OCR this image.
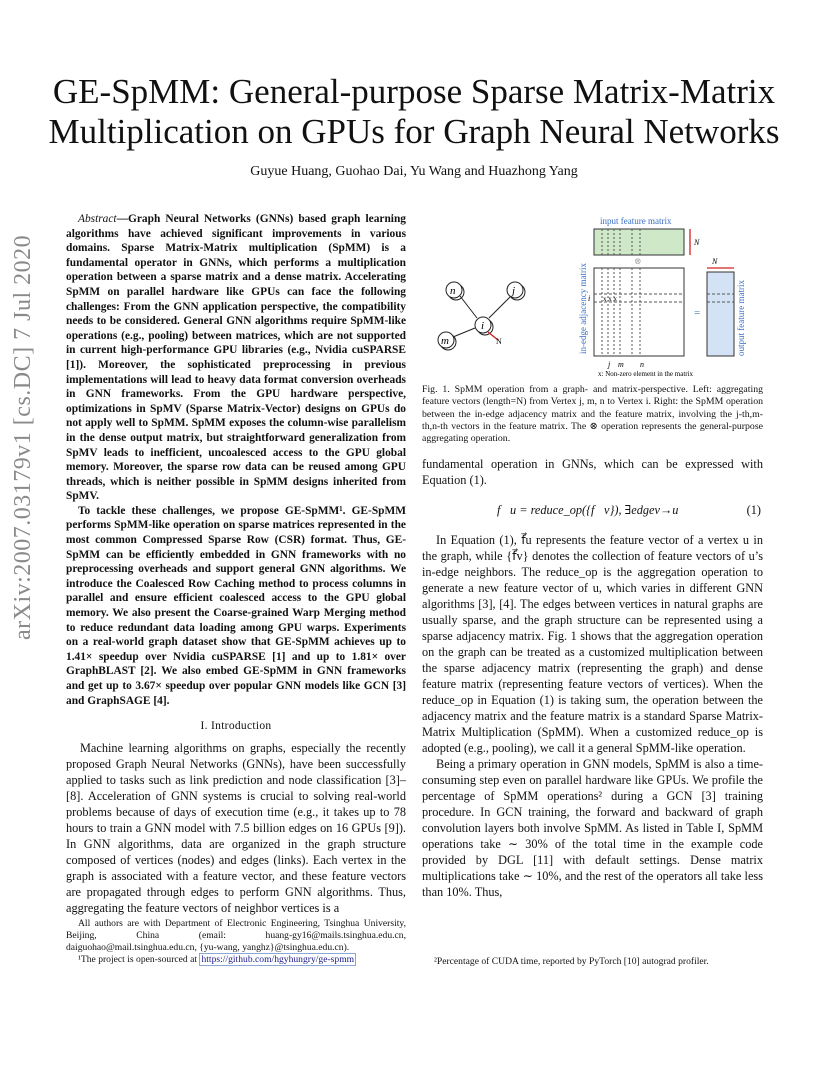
GE-SpMM: General-purpose Sparse Matrix-Matrix
Multiplication on GPUs for Graph Neural Networks
Guyue Huang, Guohao Dai, Yu Wang and Huazhong Yang
arXiv:2007.03179v1 [cs.DC] 7 Jul 2020

Abstract—Graph Neural Networks (GNNs) based graph learning algorithms have achieved significant improvements in various domains. Sparse Matrix-Matrix multiplication (SpMM) is a fundamental operator in GNNs, which performs a multiplication operation between a sparse matrix and a dense matrix. Accelerating SpMM on parallel hardware like GPUs can face the following challenges: From the GNN application perspective, the compatibility needs to be considered. General GNN algorithms require SpMM-like operations (e.g., pooling) between matrices, which are not supported in current high-performance GPU libraries (e.g., Nvidia cuSPARSE [1]). Moreover, the sophisticated preprocessing in previous implementations will lead to heavy data format conversion overheads in GNN frameworks. From the GPU hardware perspective, optimizations in SpMV (Sparse Matrix-Vector) designs on GPUs do not apply well to SpMM. SpMM exposes the column-wise parallelism in the dense output matrix, but straightforward generalization from SpMV leads to inefficient, uncoalesced access to the GPU global memory. Moreover, the sparse row data can be reused among GPU threads, which is neither possible in SpMM designs inherited from SpMV.

To tackle these challenges, we propose GE-SpMM¹. GE-SpMM performs SpMM-like operation on sparse matrices represented in the most common Compressed Sparse Row (CSR) format. Thus, GE-SpMM can be efficiently embedded in GNN frameworks with no preprocessing overheads and support general GNN algorithms. We introduce the Coalesced Row Caching method to process columns in parallel and ensure efficient coalesced access to the GPU global memory. We also present the Coarse-grained Warp Merging method to reduce redundant data loading among GPU warps. Experiments on a real-world graph dataset show that GE-SpMM achieves up to 1.41× speedup over Nvidia cuSPARSE [1] and up to 1.81× over GraphBLAST [2]. We also embed GE-SpMM in GNN frameworks and get up to 3.67× speedup over popular GNN models like GCN [3] and GraphSAGE [4].

I. Introduction

Machine learning algorithms on graphs, especially the recently proposed Graph Neural Networks (GNNs), have been successfully applied to tasks such as link prediction and node classification [3]–[8]. Acceleration of GNN systems is crucial to solving real-world problems because of days of execution time (e.g., it takes up to 78 hours to train a GNN model with 7.5 billion edges on 16 GPUs [9]). In GNN algorithms, data are organized in the graph structure composed of vertices (nodes) and edges (links). Each vertex in the graph is associated with a feature vector, and these feature vectors are propagated through edges to perform GNN algorithms. Thus, aggregating the feature vectors of neighbor vertices is a

All authors are with Department of Electronic Engineering, Tsinghua University, Beijing, China (email: huang-gy16@mails.tsinghua.edu.cn, daiguohao@mail.tsinghua.edu.cn, {yu-wang, yanghz}@tsinghua.edu.cn).

¹The project is open-sourced at https://github.com/hgyhungry/ge-spmm

n	j
i
m	N
input feature matrix
N
⊗
in-edge adjacency matrix i x x x
j m n
x: Non-zero element in the matrix
=
N
output feature matrix
Fig. 1. SpMM operation from a graph- and matrix-perspective. Left: aggregating feature vectors (length=N) from Vertex j, m, n to Vertex i. Right: the SpMM operation between the in-edge adjacency matrix and the feature matrix, involving the j-th,m-th,n-th vectors in the feature matrix. The ⊗ operation represents the general-purpose aggregating operation.

fundamental operation in GNNs, which can be expressed with Equation (1).

f⃗u = reduce_op({f⃗v}), ∃edgev→u	(1)

In Equation (1), f⃗u represents the feature vector of a vertex u in the graph, while {f⃗v} denotes the collection of feature vectors of u’s in-edge neighbors. The reduce_op is the aggregation operation to generate a new feature vector of u, which varies in different GNN algorithms [3], [4]. The edges between vertices in natural graphs are usually sparse, and the graph structure can be represented using a sparse adjacency matrix. Fig. 1 shows that the aggregation operation on the graph can be treated as a customized multiplication between the sparse adjacency matrix (representing the graph) and dense feature matrix (representing feature vectors of vertices). When the reduce_op in Equation (1) is taking sum, the operation between the adjacency matrix and the feature matrix is a standard Sparse Matrix-Matrix Multiplication (SpMM). When a customized reduce_op is adopted (e.g., pooling), we call it a general SpMM-like operation.

Being a primary operation in GNN models, SpMM is also a time-consuming step even on parallel hardware like GPUs. We profile the percentage of SpMM operations² during a GCN [3] training procedure. In GCN training, the forward and backward of graph convolution layers both involve SpMM. As listed in Table I, SpMM operations take ∼ 30% of the total time in the example code provided by DGL [11] with default settings. Dense matrix multiplications take ∼ 10%, and the rest of the operators all take less than 10%. Thus,

²Percentage of CUDA time, reported by PyTorch [10] autograd profiler.
